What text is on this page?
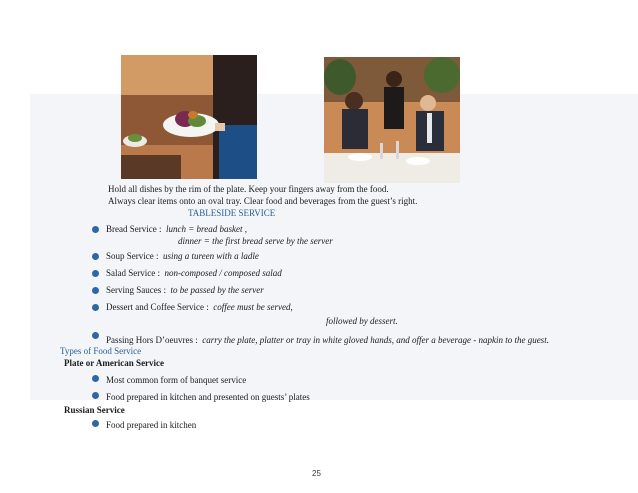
Hold all dishes by the rim of the plate. Keep your fingers away from the food.
Always clear items onto an oval tray. Clear food and beverages from the guest’s right.
TABLESIDE SERVICE
Bread Service : lunch = bread basket ,
dinner = the first bread serve by the server
Soup Service : using a tureen with a ladle
Salad Service : non-composed / composed salad
Serving Sauces : to be passed by the server
Dessert and Coffee Service : coffee must be served,
followed by dessert.
Passing Hors D’oeuvres : carry the plate, platter or tray in white gloved hands, and offer a beverage - napkin to the guest.
Types of Food Service
Plate or American Service
Most common form of banquet service
Food prepared in kitchen and presented on guests’ plates
Russian Service
Food prepared in kitchen
25
